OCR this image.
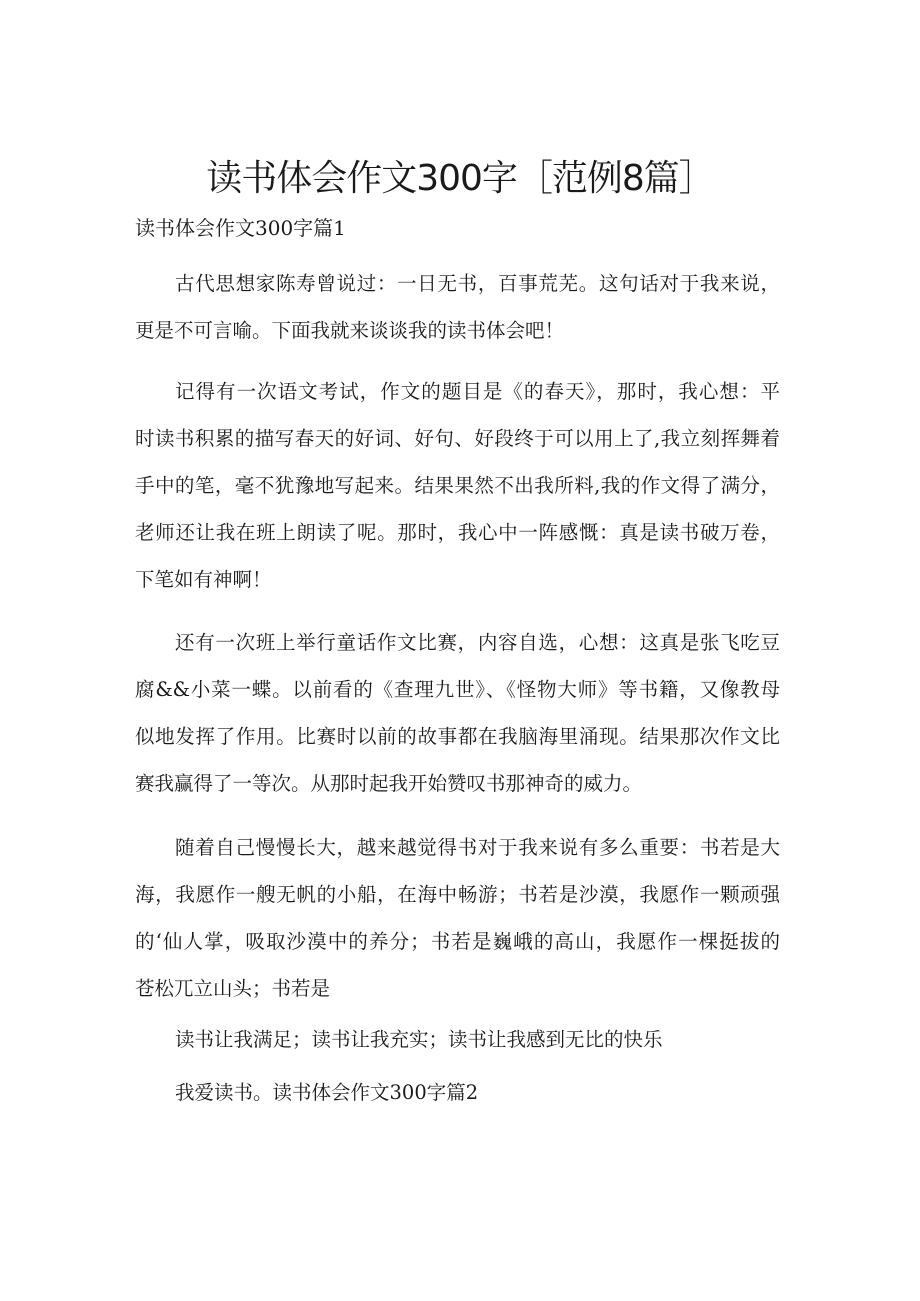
读书体会作文300字［范例8篇］
读书体会作文300字篇1
古代思想家陈寿曾说过：一日无书，百事荒芜。这句话对于我来说，
更是不可言喻。下面我就来谈谈我的读书体会吧！
记得有一次语文考试，作文的题目是《的春天》，那时，我心想：平
时读书积累的描写春天的好词、好句、好段终于可以用上了,我立刻挥舞着
手中的笔，毫不犹豫地写起来。结果果然不出我所料,我的作文得了满分，
老师还让我在班上朗读了呢。那时，我心中一阵感慨：真是读书破万卷，
下笔如有神啊！
还有一次班上举行童话作文比赛，内容自选，心想：这真是张飞吃豆
腐&&小菜一蝶。以前看的《查理九世》、《怪物大师》等书籍，又像教母
似地发挥了作用。比赛时以前的故事都在我脑海里涌现。结果那次作文比
赛我赢得了一等次。从那时起我开始赞叹书那神奇的威力。
随着自己慢慢长大，越来越觉得书对于我来说有多么重要：书若是大
海，我愿作一艘无帆的小船，在海中畅游；书若是沙漠，我愿作一颗顽强
的‘仙人掌，吸取沙漠中的养分；书若是巍峨的高山，我愿作一棵挺拔的
苍松兀立山头；书若是
读书让我满足；读书让我充实；读书让我感到无比的快乐
我爱读书。读书体会作文300字篇2
